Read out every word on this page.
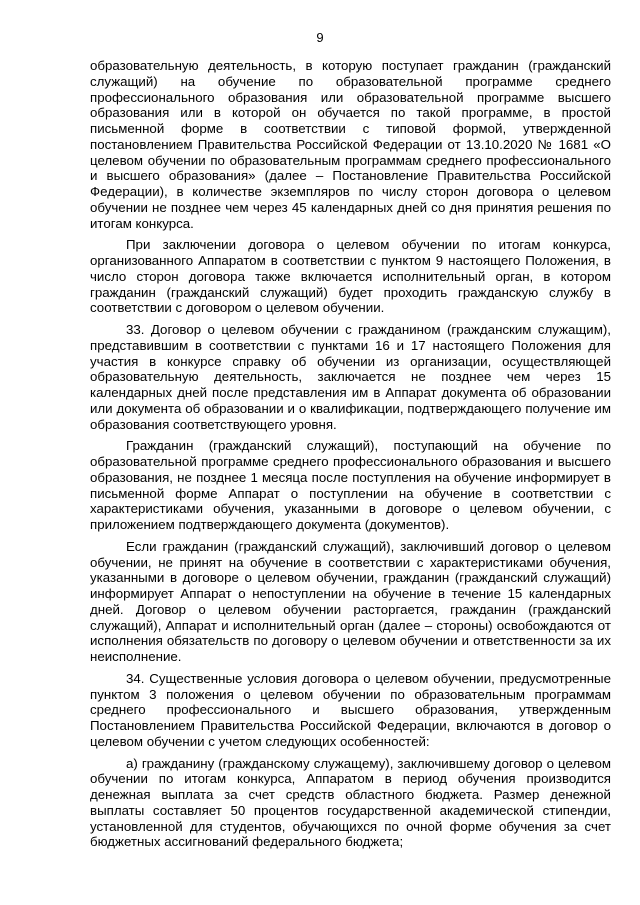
9

образовательную деятельность, в которую поступает гражданин (гражданский служащий) на обучение по образовательной программе среднего профессионального образования или образовательной программе высшего образования или в которой он обучается по такой программе, в простой письменной форме в соответствии с типовой формой, утвержденной постановлением Правительства Российской Федерации от 13.10.2020 № 1681 «О целевом обучении по образовательным программам среднего профессионального и высшего образования» (далее – Постановление Правительства Российской Федерации), в количестве экземпляров по числу сторон договора о целевом обучении не позднее чем через 45 календарных дней со дня принятия решения по итогам конкурса.

При заключении договора о целевом обучении по итогам конкурса, организованного Аппаратом в соответствии с пунктом 9 настоящего Положения, в число сторон договора также включается исполнительный орган, в котором гражданин (гражданский служащий) будет проходить гражданскую службу в соответствии с договором о целевом обучении.

33. Договор о целевом обучении с гражданином (гражданским служащим), представившим в соответствии с пунктами 16 и 17 настоящего Положения для участия в конкурсе справку об обучении из организации, осуществляющей образовательную деятельность, заключается не позднее чем через 15 календарных дней после представления им в Аппарат документа об образовании или документа об образовании и о квалификации, подтверждающего получение им образования соответствующего уровня.

Гражданин (гражданский служащий), поступающий на обучение по образовательной программе среднего профессионального образования и высшего образования, не позднее 1 месяца после поступления на обучение информирует в письменной форме Аппарат о поступлении на обучение в соответствии с характеристиками обучения, указанными в договоре о целевом обучении, с приложением подтверждающего документа (документов).

Если гражданин (гражданский служащий), заключивший договор о целевом обучении, не принят на обучение в соответствии с характеристиками обучения, указанными в договоре о целевом обучении, гражданин (гражданский служащий) информирует Аппарат о непоступлении на обучение в течение 15 календарных дней. Договор о целевом обучении расторгается, гражданин (гражданский служащий), Аппарат и исполнительный орган (далее – стороны) освобождаются от исполнения обязательств по договору о целевом обучении и ответственности за их неисполнение.

34. Существенные условия договора о целевом обучении, предусмотренные пунктом 3 положения о целевом обучении по образовательным программам среднего профессионального и высшего образования, утвержденным Постановлением Правительства Российской Федерации, включаются в договор о целевом обучении с учетом следующих особенностей:

а) гражданину (гражданскому служащему), заключившему договор о целевом обучении по итогам конкурса, Аппаратом в период обучения производится денежная выплата за счет средств областного бюджета. Размер денежной выплаты составляет 50 процентов государственной академической стипендии, установленной для студентов, обучающихся по очной форме обучения за счет бюджетных ассигнований федерального бюджета;
